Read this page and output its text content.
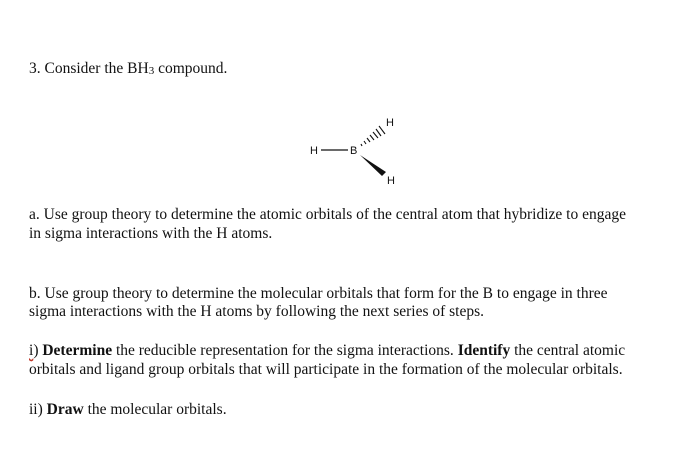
3. Consider the BH3 compound.
H	B
H
H
a. Use group theory to determine the atomic orbitals of the central atom that hybridize to engage
in sigma interactions with the H atoms.
b. Use group theory to determine the molecular orbitals that form for the B to engage in three
sigma interactions with the H atoms by following the next series of steps.
i) Determine the reducible representation for the sigma interactions. Identify the central atomic
orbitals and ligand group orbitals that will participate in the formation of the molecular orbitals.
ii) Draw the molecular orbitals.
